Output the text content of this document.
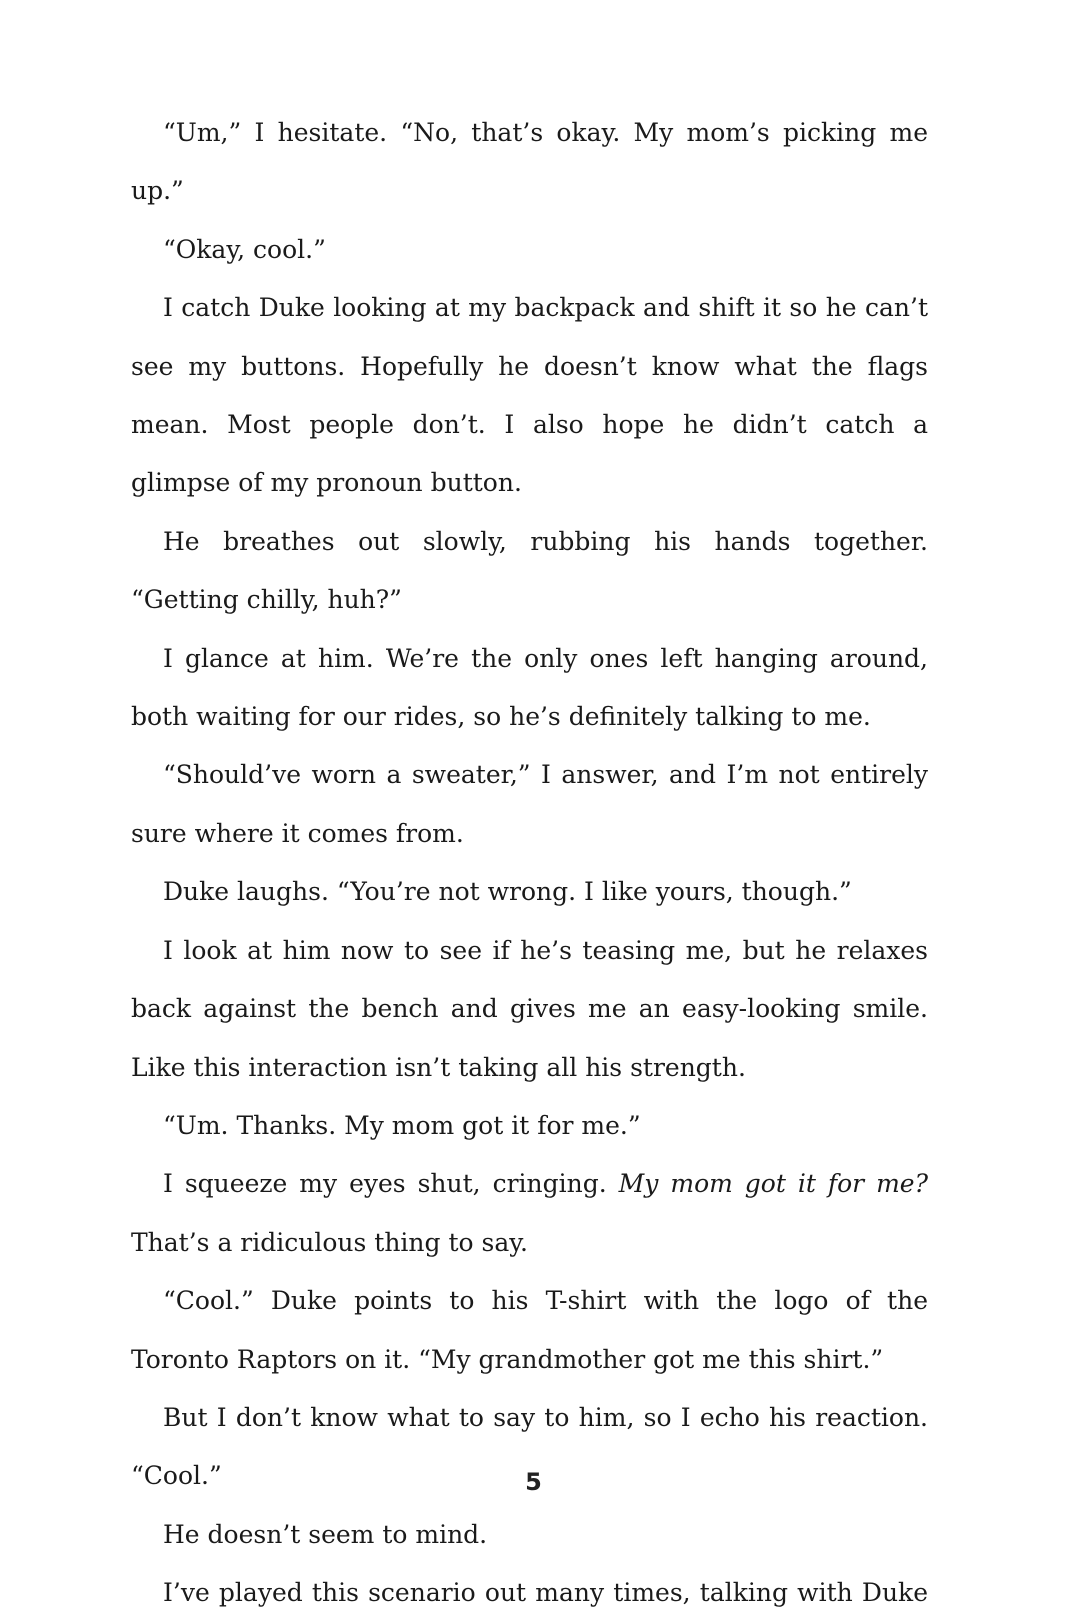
“Um,” I hesitate. “No, that’s okay. My mom’s picking me up.”

“Okay, cool.”

I catch Duke looking at my backpack and shift it so he can’t see my buttons. Hopefully he doesn’t know what the flags mean. Most people don’t. I also hope he didn’t catch a glimpse of my pronoun button.

He breathes out slowly, rubbing his hands together. “Getting chilly, huh?”

I glance at him. We’re the only ones left hanging around, both waiting for our rides, so he’s definitely talking to me.

“Should’ve worn a sweater,” I answer, and I’m not entirely sure where it comes from.

Duke laughs. “You’re not wrong. I like yours, though.”

I look at him now to see if he’s teasing me, but he relaxes back against the bench and gives me an easy-looking smile. Like this interaction isn’t taking all his strength.

“Um. Thanks. My mom got it for me.”

I squeeze my eyes shut, cringing. My mom got it for me? That’s a ridiculous thing to say.

“Cool.” Duke points to his T-shirt with the logo of the Toronto Raptors on it. “My grandmother got me this shirt.”

But I don’t know what to say to him, so I echo his reaction. “Cool.”

He doesn’t seem to mind.

I’ve played this scenario out many times, talking with Duke

5
